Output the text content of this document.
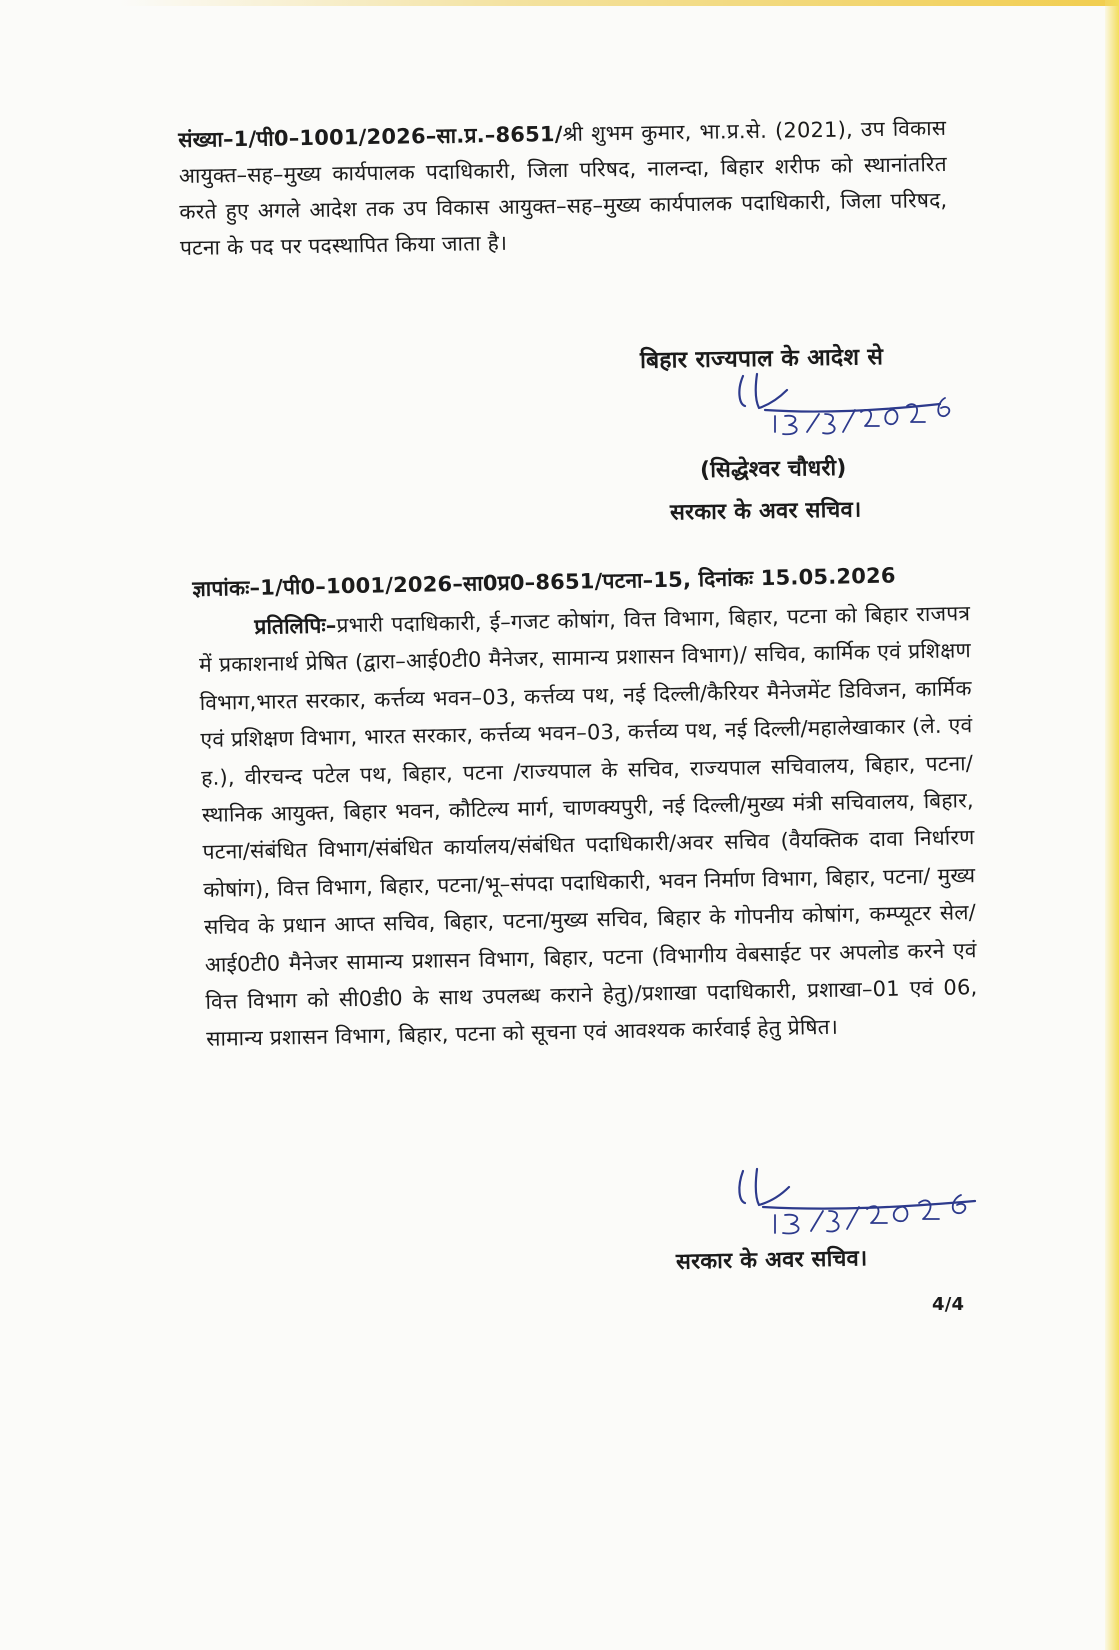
संख्या–1/पी0–1001/2026–सा.प्र.–8651/श्री शुभम कुमार, भा.प्र.से. (2021), उप विकास आयुक्त–सह–मुख्य कार्यपालक पदाधिकारी, जिला परिषद, नालन्दा, बिहार शरीफ को स्थानांतरित करते हुए अगले आदेश तक उप विकास आयुक्त–सह–मुख्य कार्यपालक पदाधिकारी, जिला परिषद, पटना के पद पर पदस्थापित किया जाता है।
बिहार राज्यपाल के आदेश से
(सिद्धेश्वर चौधरी)
सरकार के अवर सचिव।
ज्ञापांकः–1/पी0–1001/2026–सा0प्र0–8651/पटना–15, दिनांकः 15.05.2026
प्रतिलिपिः–प्रभारी पदाधिकारी, ई–गजट कोषांग, वित्त विभाग, बिहार, पटना को बिहार राजपत्र में प्रकाशनार्थ प्रेषित (द्वारा–आई0टी0 मैनेजर, सामान्य प्रशासन विभाग)/ सचिव, कार्मिक एवं प्रशिक्षण विभाग,भारत सरकार, कर्त्तव्य भवन–03, कर्त्तव्य पथ, नई दिल्ली/कैरियर मैनेजमेंट डिविजन, कार्मिक एवं प्रशिक्षण विभाग, भारत सरकार, कर्त्तव्य भवन–03, कर्त्तव्य पथ, नई दिल्ली/महालेखाकार (ले. एवं ह.), वीरचन्द पटेल पथ, बिहार, पटना /राज्यपाल के सचिव, राज्यपाल सचिवालय, बिहार, पटना/ स्थानिक आयुक्त, बिहार भवन, कौटिल्य मार्ग, चाणक्यपुरी, नई दिल्ली/मुख्य मंत्री सचिवालय, बिहार, पटना/संबंधित विभाग/संबंधित कार्यालय/संबंधित पदाधिकारी/अवर सचिव (वैयक्तिक दावा निर्धारण कोषांग), वित्त विभाग, बिहार, पटना/भू–संपदा पदाधिकारी, भवन निर्माण विभाग, बिहार, पटना/ मुख्य सचिव के प्रधान आप्त सचिव, बिहार, पटना/मुख्य सचिव, बिहार के गोपनीय कोषांग, कम्प्यूटर सेल/आई0टी0 मैनेजर सामान्य प्रशासन विभाग, बिहार, पटना (विभागीय वेबसाईट पर अपलोड करने एवं वित्त विभाग को सी0डी0 के साथ उपलब्ध कराने हेतु)/प्रशाखा पदाधिकारी, प्रशाखा–01 एवं 06, सामान्य प्रशासन विभाग, बिहार, पटना को सूचना एवं आवश्यक कार्रवाई हेतु प्रेषित।
सरकार के अवर सचिव।
4/4
